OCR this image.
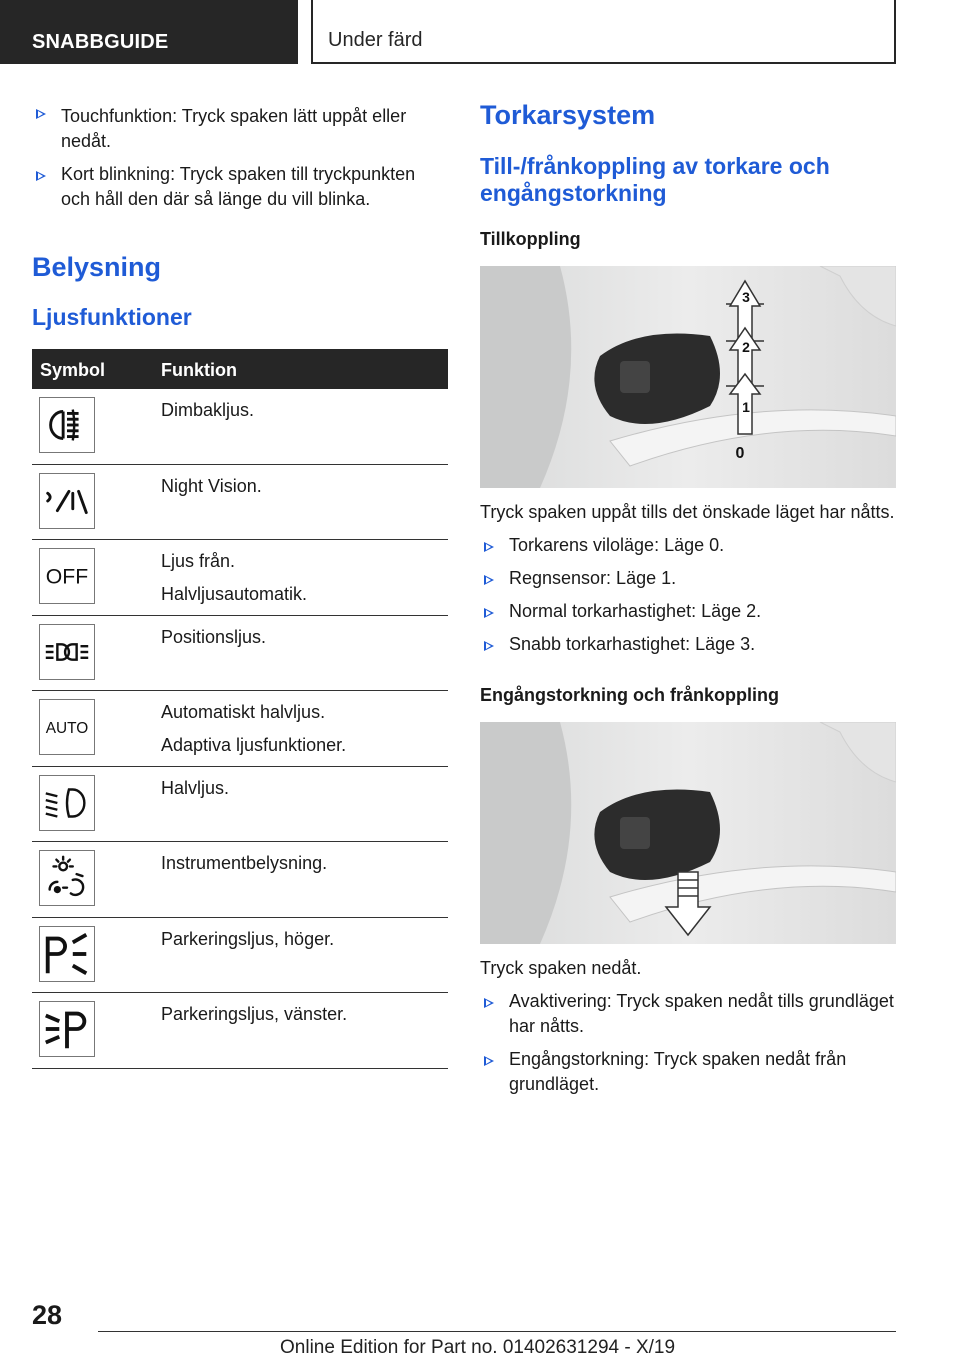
SNABBGUIDE	Under färd
Touchfunktion: Tryck spaken lätt uppåt eller nedåt.
Kort blinkning: Tryck spaken till tryckpunkten och håll den där så länge du vill blinka.
Belysning
Ljusfunktioner
Symbol	Funktion
Dimbakljus.
Night Vision.
OFF
Ljus från.
Halvljusautomatik.
Positionsljus.
AUTO
Automatiskt halvljus.
Adaptiva ljusfunktioner.
Halvljus.
Instrumentbelysning.
Parkeringsljus, höger.
Parkeringsljus, vänster.
Torkarsystem
Till-/frånkoppling av torkare och engångstorkning
Tillkoppling
3
2
1
0
Tryck spaken uppåt tills det önskade läget har nåtts.
Torkarens viloläge: Läge 0.
Regnsensor: Läge 1.
Normal torkarhastighet: Läge 2.
Snabb torkarhastighet: Läge 3.
Engångstorkning och frånkoppling
Tryck spaken nedåt.
Avaktivering: Tryck spaken nedåt tills grundläget har nåtts.
Engångstorkning: Tryck spaken nedåt från grundläget.
28
Online Edition for Part no. 01402631294 - X/19
